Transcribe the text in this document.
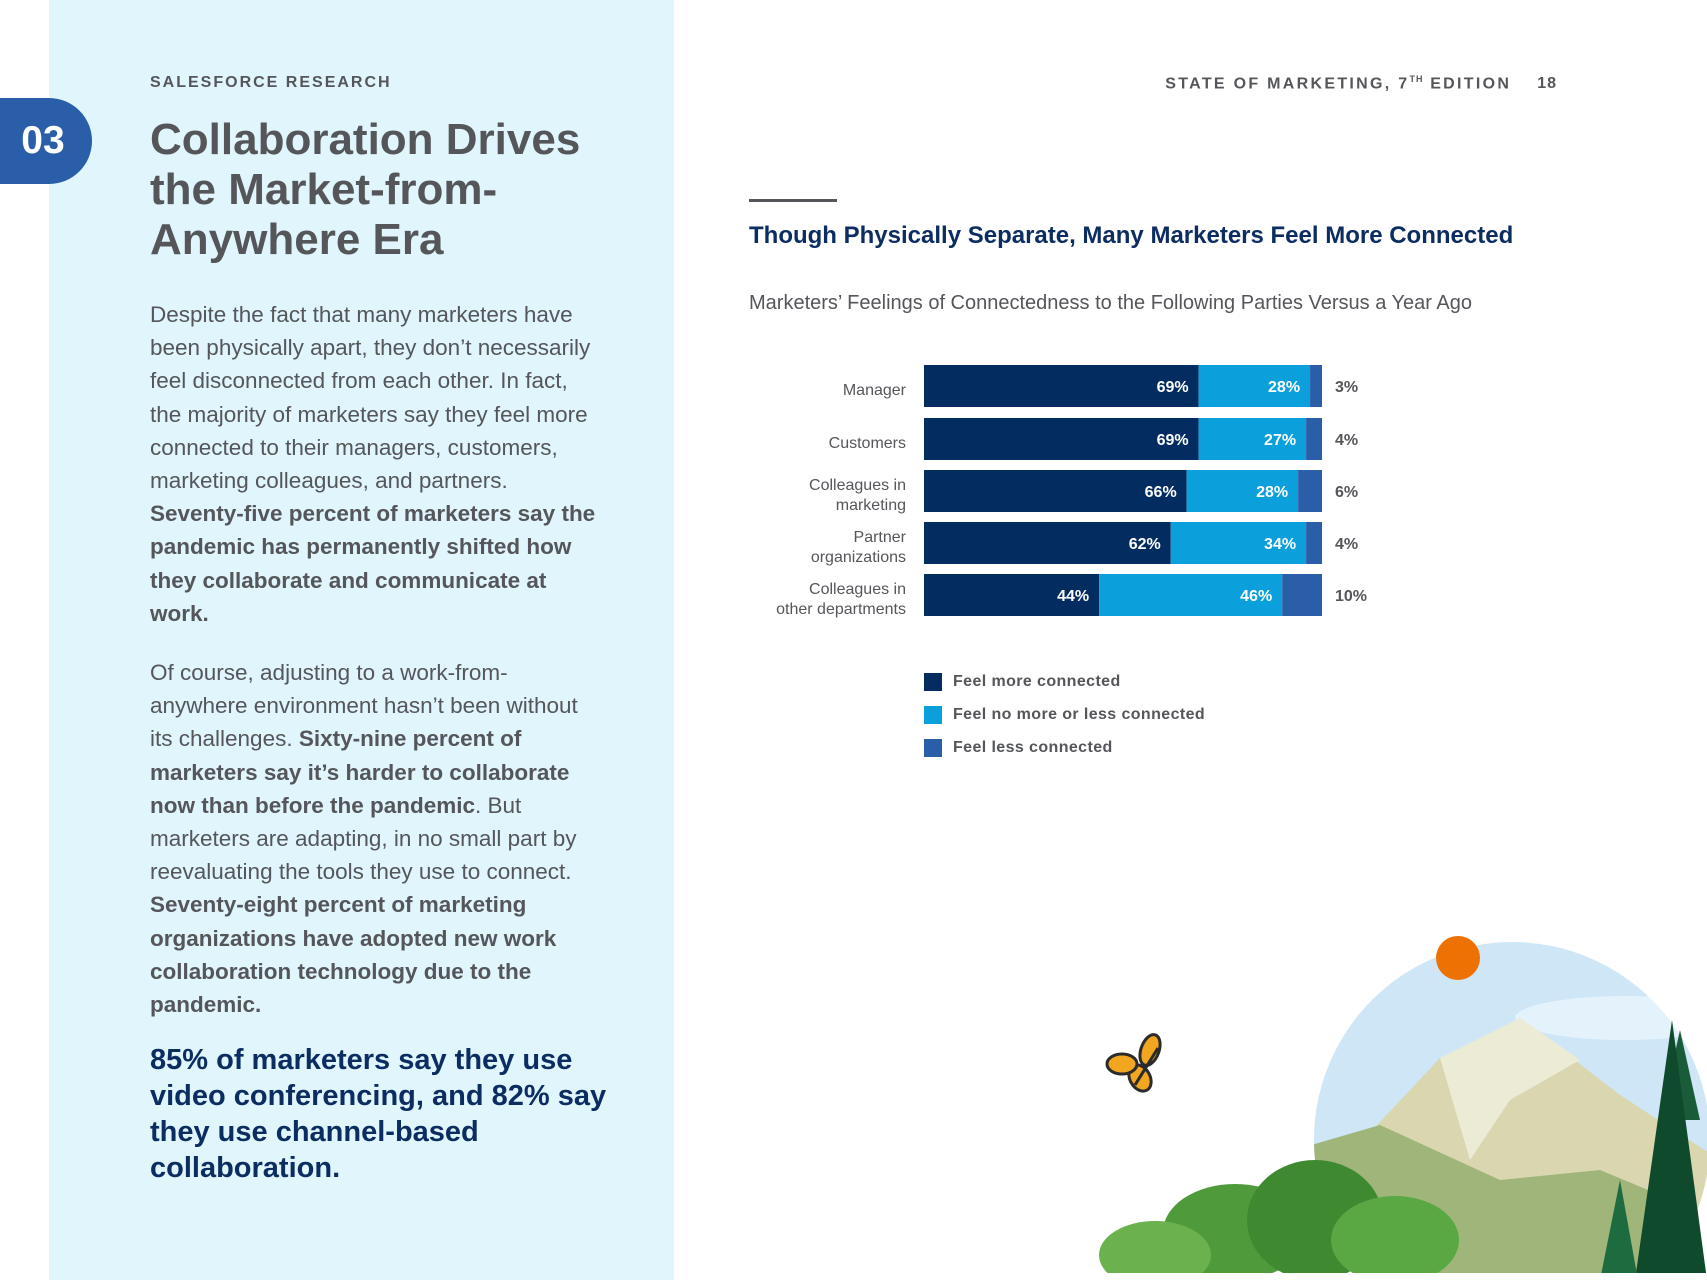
03
SALESFORCE RESEARCH	STATE OF MARKETING, 7TH EDITION 18
Collaboration Drives the Market-from-Anywhere Era

Despite the fact that many marketers have been physically apart, they don’t necessarily feel disconnected from each other. In fact, the majority of marketers say they feel more connected to their managers, customers, marketing colleagues, and partners. Seventy-five percent of marketers say the pandemic has permanently shifted how they collaborate and communicate at work.

Of course, adjusting to a work-from-anywhere environment hasn’t been without its challenges. Sixty-nine percent of marketers say it’s harder to collaborate now than before the pandemic. But marketers are adapting, in no small part by reevaluating the tools they use to connect. Seventy-eight percent of marketing organizations have adopted new work collaboration technology due to the pandemic.

85% of marketers say they use video conferencing, and 82% say they use channel-based collaboration.

Though Physically Separate, Many Marketers Feel More Connected

Marketers’ Feelings of Connectedness to the Following Parties Versus a Year Ago

Manager	69%	28% 3%
Customers	69%	27% 4%
Colleagues in marketing
66%	28%	6%
Partner organizations
62%	34% 4%
Colleagues in other departments
44%	46%	10%
Feel more connected
Feel no more or less connected
Feel less connected
